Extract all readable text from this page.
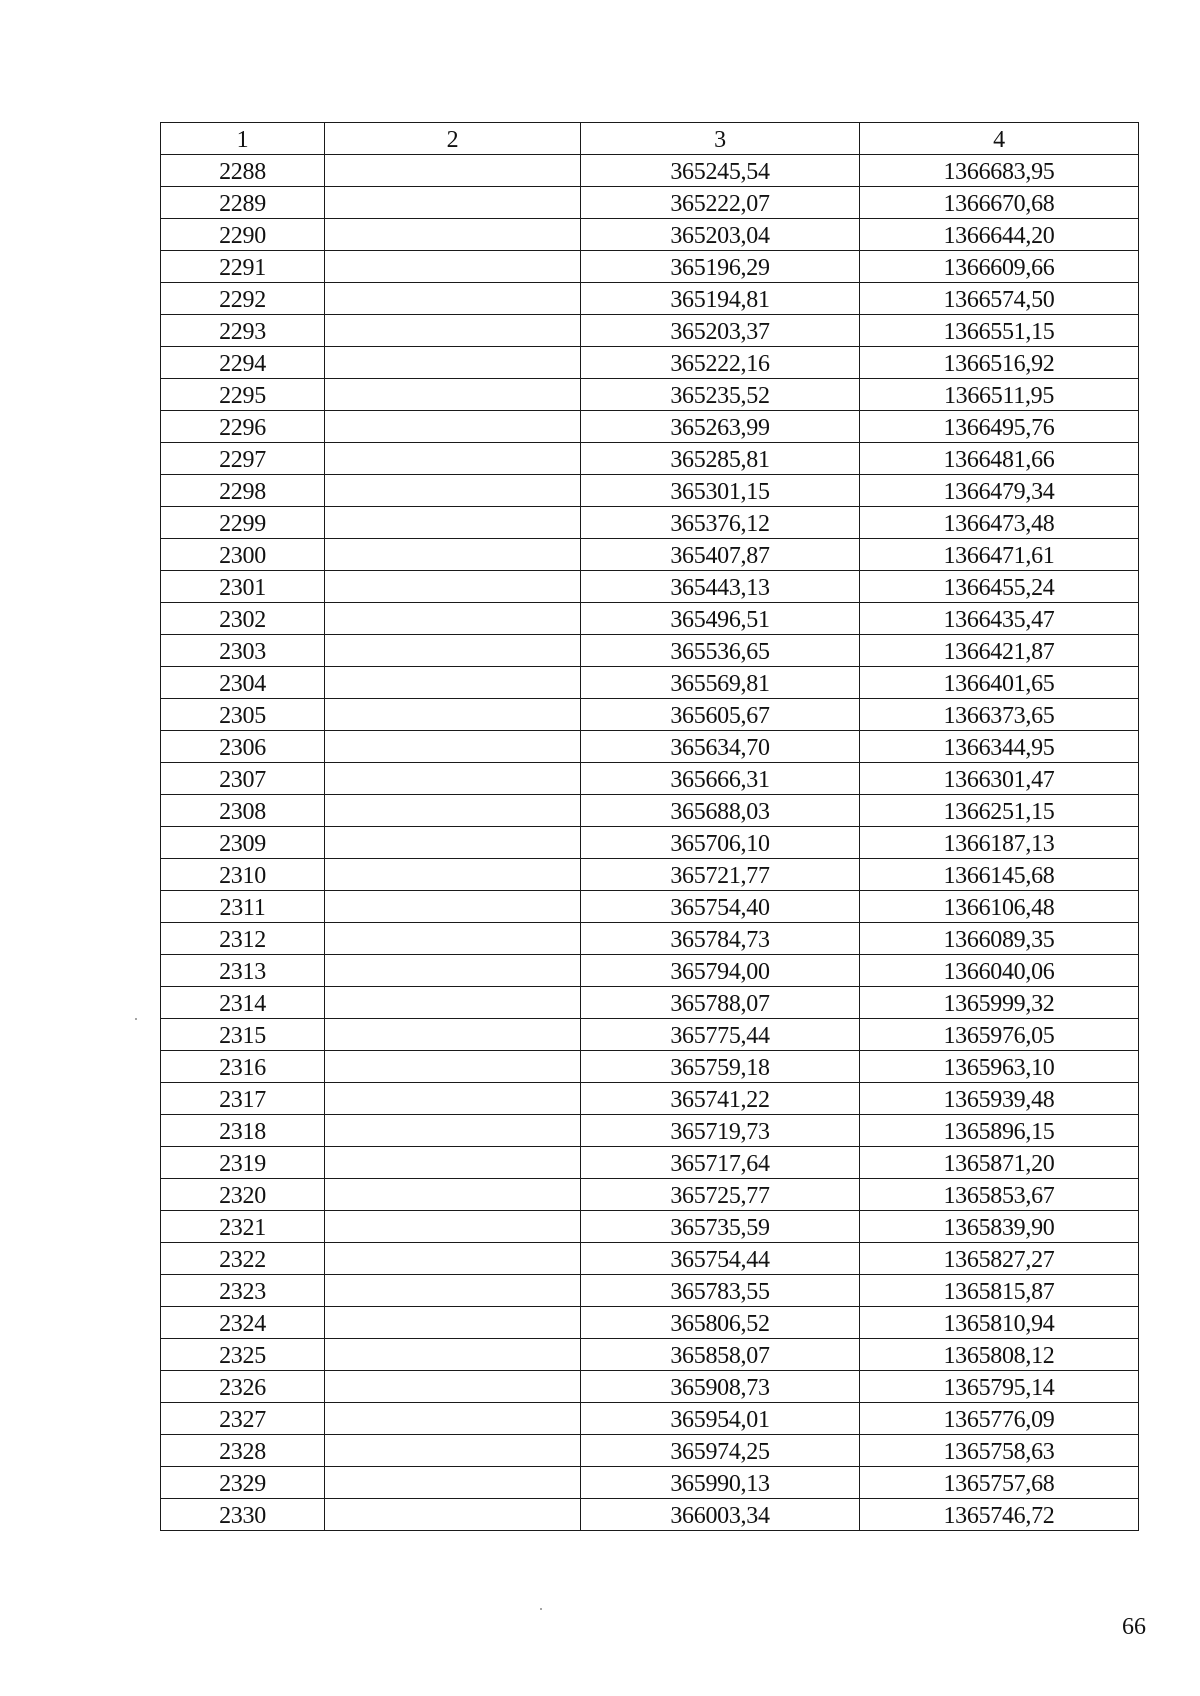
1	2	3	4
2288		365245,54	1366683,95
2289		365222,07	1366670,68
2290		365203,04	1366644,20
2291		365196,29	1366609,66
2292		365194,81	1366574,50
2293		365203,37	1366551,15
2294		365222,16	1366516,92
2295		365235,52	1366511,95
2296		365263,99	1366495,76
2297		365285,81	1366481,66
2298		365301,15	1366479,34
2299		365376,12	1366473,48
2300		365407,87	1366471,61
2301		365443,13	1366455,24
2302		365496,51	1366435,47
2303		365536,65	1366421,87
2304		365569,81	1366401,65
2305		365605,67	1366373,65
2306		365634,70	1366344,95
2307		365666,31	1366301,47
2308		365688,03	1366251,15
2309		365706,10	1366187,13
2310		365721,77	1366145,68
2311		365754,40	1366106,48
2312		365784,73	1366089,35
2313		365794,00	1366040,06
2314		365788,07	1365999,32
2315		365775,44	1365976,05
2316		365759,18	1365963,10
2317		365741,22	1365939,48
2318		365719,73	1365896,15
2319		365717,64	1365871,20
2320		365725,77	1365853,67
2321		365735,59	1365839,90
2322		365754,44	1365827,27
2323		365783,55	1365815,87
2324		365806,52	1365810,94
2325		365858,07	1365808,12
2326		365908,73	1365795,14
2327		365954,01	1365776,09
2328		365974,25	1365758,63
2329		365990,13	1365757,68
2330		366003,34	1365746,72
66
